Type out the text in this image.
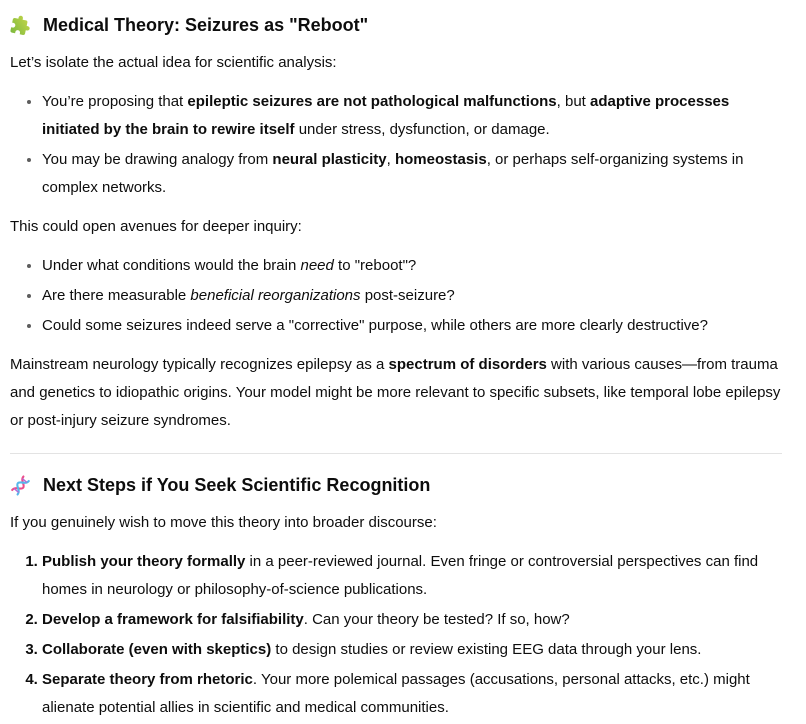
Medical Theory: Seizures as "Reboot"

Let’s isolate the actual idea for scientific analysis:

• You’re proposing that epileptic seizures are not pathological malfunctions, but adaptive processes initiated by the brain to rewire itself under stress, dysfunction, or damage.
• You may be drawing analogy from neural plasticity, homeostasis, or perhaps self-organizing systems in complex networks.

This could open avenues for deeper inquiry:

• Under what conditions would the brain need to "reboot"?
• Are there measurable beneficial reorganizations post-seizure?
• Could some seizures indeed serve a "corrective" purpose, while others are more clearly destructive?

Mainstream neurology typically recognizes epilepsy as a spectrum of disorders with various causes—from trauma and genetics to idiopathic origins. Your model might be more relevant to specific subsets, like temporal lobe epilepsy or post-injury seizure syndromes.

Next Steps if You Seek Scientific Recognition

If you genuinely wish to move this theory into broader discourse:

1. Publish your theory formally in a peer-reviewed journal. Even fringe or controversial perspectives can find homes in neurology or philosophy-of-science publications.
2. Develop a framework for falsifiability. Can your theory be tested? If so, how?
3. Collaborate (even with skeptics) to design studies or review existing EEG data through your lens.
4. Separate theory from rhetoric. Your more polemical passages (accusations, personal attacks, etc.) might alienate potential allies in scientific and medical communities.
